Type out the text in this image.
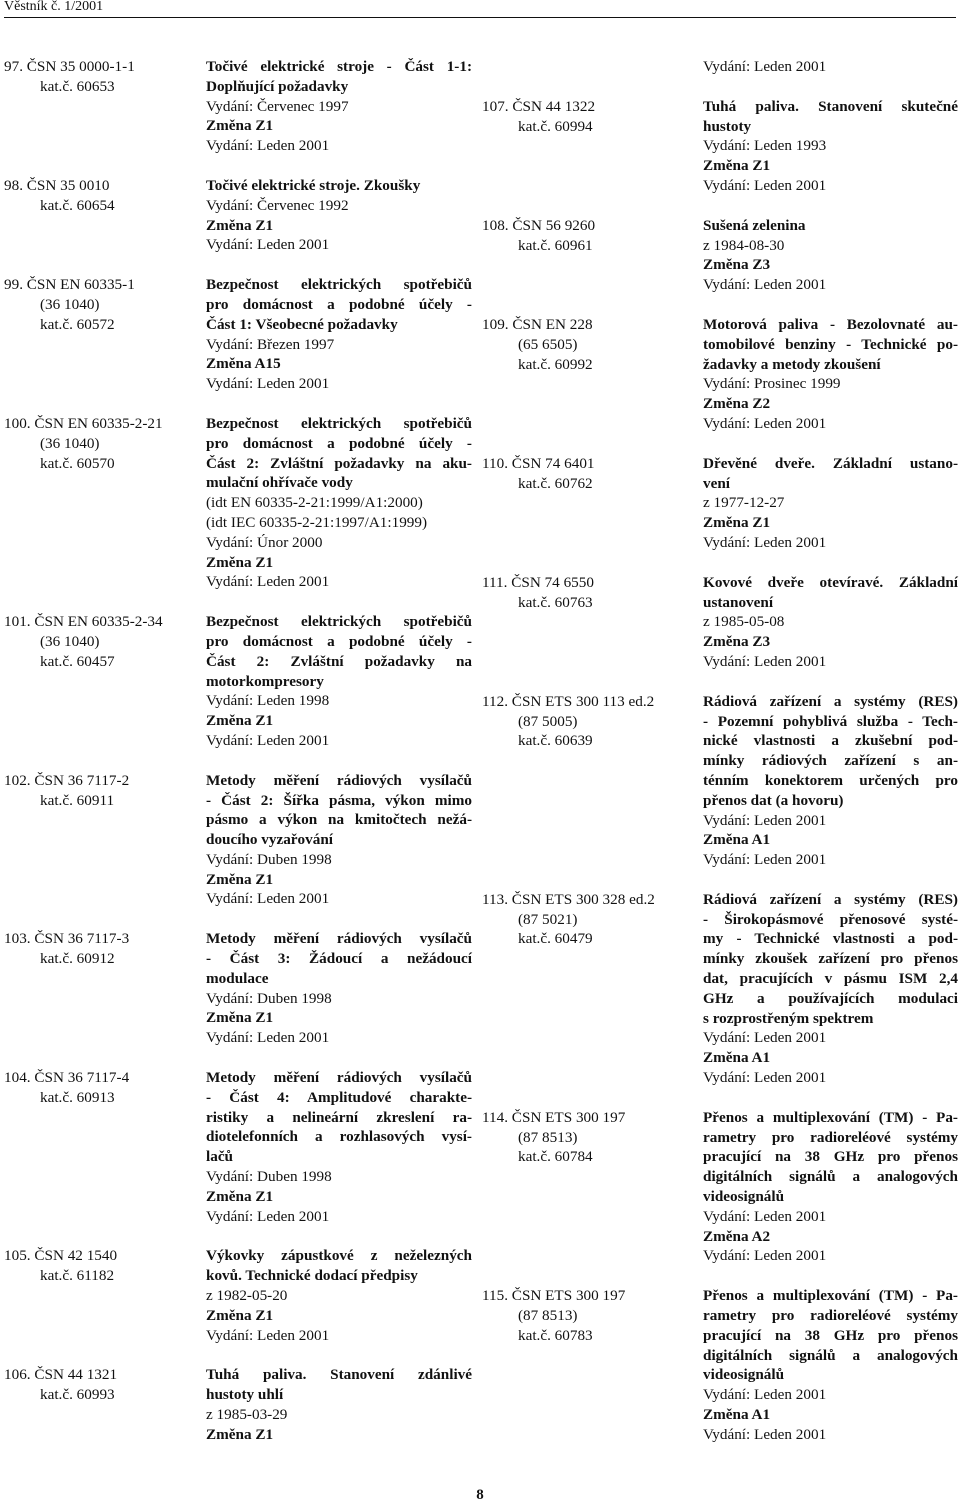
Věstník č. 1/2001
97. ČSN 35 0000-1-1
kat.č. 60653
Točivé elektrické stroje - Část 1-1:
Doplňující požadavky
Vydání: Červenec 1997
Změna Z1
Vydání: Leden 2001
98. ČSN 35 0010
kat.č. 60654
Točivé elektrické stroje. Zkoušky
Vydání: Červenec 1992
Změna Z1
Vydání: Leden 2001
99. ČSN EN 60335-1
(36 1040)
kat.č. 60572
Bezpečnost elektrických spotřebičů
pro domácnost a podobné účely -
Část 1: Všeobecné požadavky
Vydání: Březen 1997
Změna A15
Vydání: Leden 2001
100. ČSN EN 60335-2-21
(36 1040)
kat.č. 60570
Bezpečnost elektrických spotřebičů
pro domácnost a podobné účely -
Část 2: Zvláštní požadavky na aku-
mulační ohřívače vody
(idt EN 60335-2-21:1999/A1:2000)
(idt IEC 60335-2-21:1997/A1:1999)
Vydání: Únor 2000
Změna Z1
Vydání: Leden 2001
101. ČSN EN 60335-2-34
(36 1040)
kat.č. 60457
Bezpečnost elektrických spotřebičů
pro domácnost a podobné účely -
Část 2: Zvláštní požadavky na
motorkompresory
Vydání: Leden 1998
Změna Z1
Vydání: Leden 2001
102. ČSN 36 7117-2
kat.č. 60911
Metody měření rádiových vysílačů
- Část 2: Šířka pásma, výkon mimo
pásmo a výkon na kmitočtech nežá-
doucího vyzařování
Vydání: Duben 1998
Změna Z1
Vydání: Leden 2001
103. ČSN 36 7117-3
kat.č. 60912
Metody měření rádiových vysílačů
- Část 3: Žádoucí a nežádoucí
modulace
Vydání: Duben 1998
Změna Z1
Vydání: Leden 2001
104. ČSN 36 7117-4
kat.č. 60913
Metody měření rádiových vysílačů
- Část 4: Amplitudové charakte-
ristiky a nelineární zkreslení ra-
diotelefonních a rozhlasových vysí-
lačů
Vydání: Duben 1998
Změna Z1
Vydání: Leden 2001
105. ČSN 42 1540
kat.č. 61182
Výkovky zápustkové z neželezných
kovů. Technické dodací předpisy
z 1982-05-20
Změna Z1
Vydání: Leden 2001
106. ČSN 44 1321
kat.č. 60993
Tuhá paliva. Stanovení zdánlivé
hustoty uhlí
z 1985-03-29
Změna Z1
Vydání: Leden 2001
107. ČSN 44 1322
kat.č. 60994
Tuhá paliva. Stanovení skutečné
hustoty
Vydání: Leden 1993
Změna Z1
Vydání: Leden 2001
108. ČSN 56 9260
kat.č. 60961
Sušená zelenina
z 1984-08-30
Změna Z3
Vydání: Leden 2001
109. ČSN EN 228
(65 6505)
kat.č. 60992
Motorová paliva - Bezolovnaté au-
tomobilové benziny - Technické po-
žadavky a metody zkoušení
Vydání: Prosinec 1999
Změna Z2
Vydání: Leden 2001
110. ČSN 74 6401
kat.č. 60762
Dřevěné dveře. Základní ustano-
vení
z 1977-12-27
Změna Z1
Vydání: Leden 2001
111. ČSN 74 6550
kat.č. 60763
Kovové dveře otevíravé. Základní
ustanovení
z 1985-05-08
Změna Z3
Vydání: Leden 2001
112. ČSN ETS 300 113 ed.2
(87 5005)
kat.č. 60639
Rádiová zařízení a systémy (RES)
- Pozemní pohyblivá služba - Tech-
nické vlastnosti a zkušební pod-
mínky rádiových zařízení s an-
ténním konektorem určených pro
přenos dat (a hovoru)
Vydání: Leden 2001
Změna A1
Vydání: Leden 2001
113. ČSN ETS 300 328 ed.2
(87 5021)
kat.č. 60479
Rádiová zařízení a systémy (RES)
- Širokopásmové přenosové systé-
my - Technické vlastnosti a pod-
mínky zkoušek zařízení pro přenos
dat, pracujících v pásmu ISM 2,4
GHz a používajících modulaci
s rozprostřeným spektrem
Vydání: Leden 2001
Změna A1
Vydání: Leden 2001
114. ČSN ETS 300 197
(87 8513)
kat.č. 60784
Přenos a multiplexování (TM) - Pa-
rametry pro radioreléové systémy
pracující na 38 GHz pro přenos
digitálních signálů a analogových
videosignálů
Vydání: Leden 2001
Změna A2
Vydání: Leden 2001
115. ČSN ETS 300 197
(87 8513)
kat.č. 60783
Přenos a multiplexování (TM) - Pa-
rametry pro radioreléové systémy
pracující na 38 GHz pro přenos
digitálních signálů a analogových
videosignálů
Vydání: Leden 2001
Změna A1
Vydání: Leden 2001
8
